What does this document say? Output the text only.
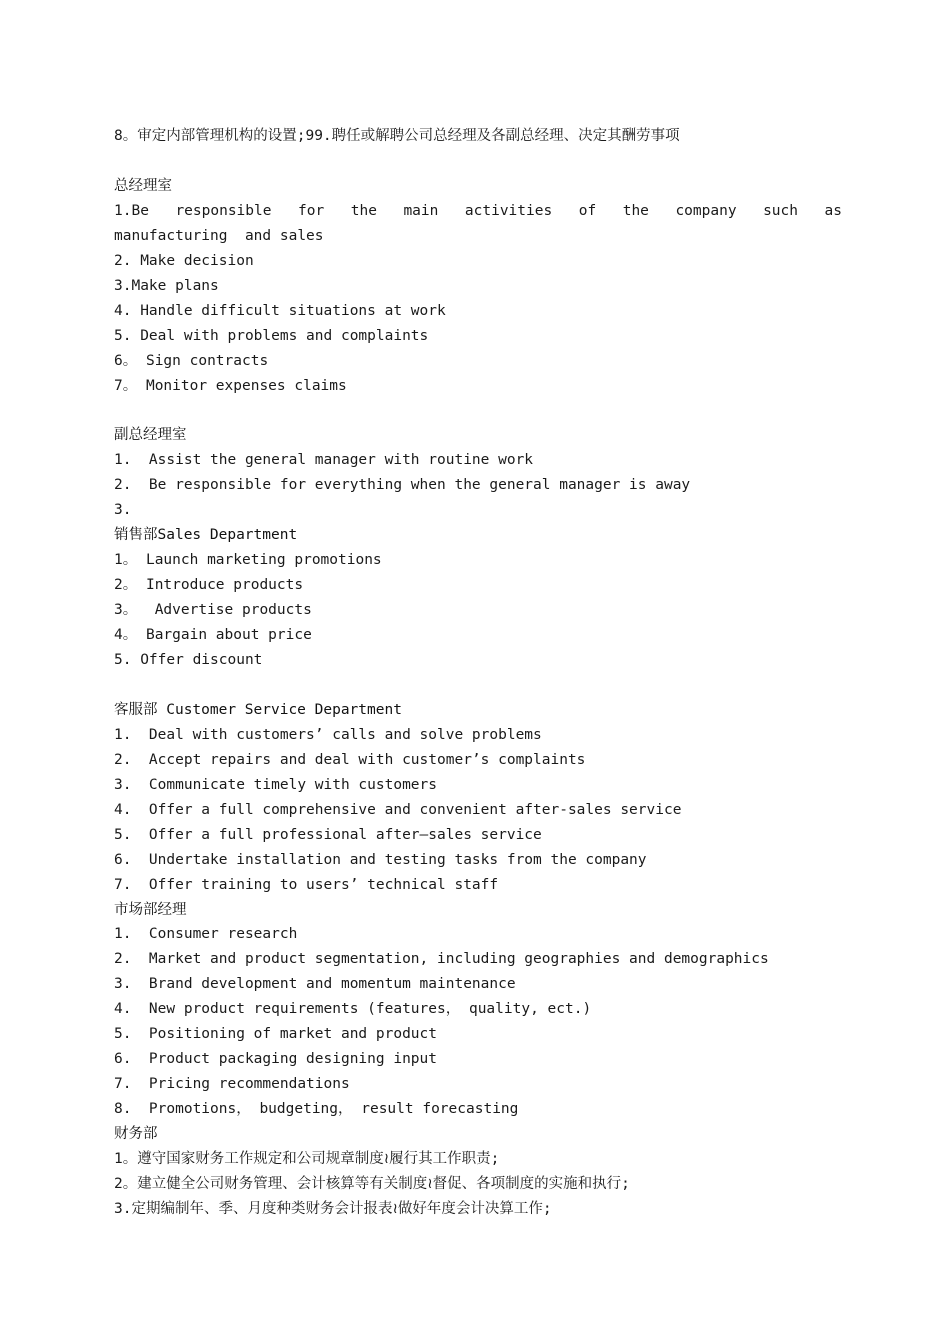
8。审定内部管理机构的设置;99.聘任或解聘公司总经理及各副总经理、决定其酬劳事项
总经理室
1.Be  responsible  for  the  main  activities  of  the  company  such  as  manufacturing  and sales
2. Make decision
3.Make plans
4. Handle difficult situations at work
5. Deal with problems and complaints
6。 Sign contracts
7。 Monitor expenses claims
副总经理室
1.  Assist the general manager with routine work
2.  Be responsible for everything when the general manager is away
3.
销售部Sales Department
1。 Launch marketing promotions
2。 Introduce products
3。  Advertise products
4。 Bargain about price
5. Offer discount
客服部 Customer Service Department
1.  Deal with customers’ calls and solve problems
2.  Accept repairs and deal with customer’s complaints
3.  Communicate timely with customers
4.  Offer a full comprehensive and convenient after-sales service
5.  Offer a full professional after—sales service
6.  Undertake installation and testing tasks from the company
7.  Offer training to users’ technical staff
市场部经理
1.  Consumer research
2.  Market and product segmentation, including geographies and demographics
3.  Brand development and momentum maintenance
4.  New product requirements (features， quality, ect.)
5.  Positioning of market and product
6.  Product packaging designing input
7.  Pricing recommendations
8.  Promotions， budgeting， result forecasting
财务部
1。遵守国家财务工作规定和公司规章制度≀履行其工作职责;
2。建立健全公司财务管理、会计核算等有关制度≀督促、各项制度的实施和执行;
3.定期编制年、季、月度种类财务会计报表≀做好年度会计决算工作;
